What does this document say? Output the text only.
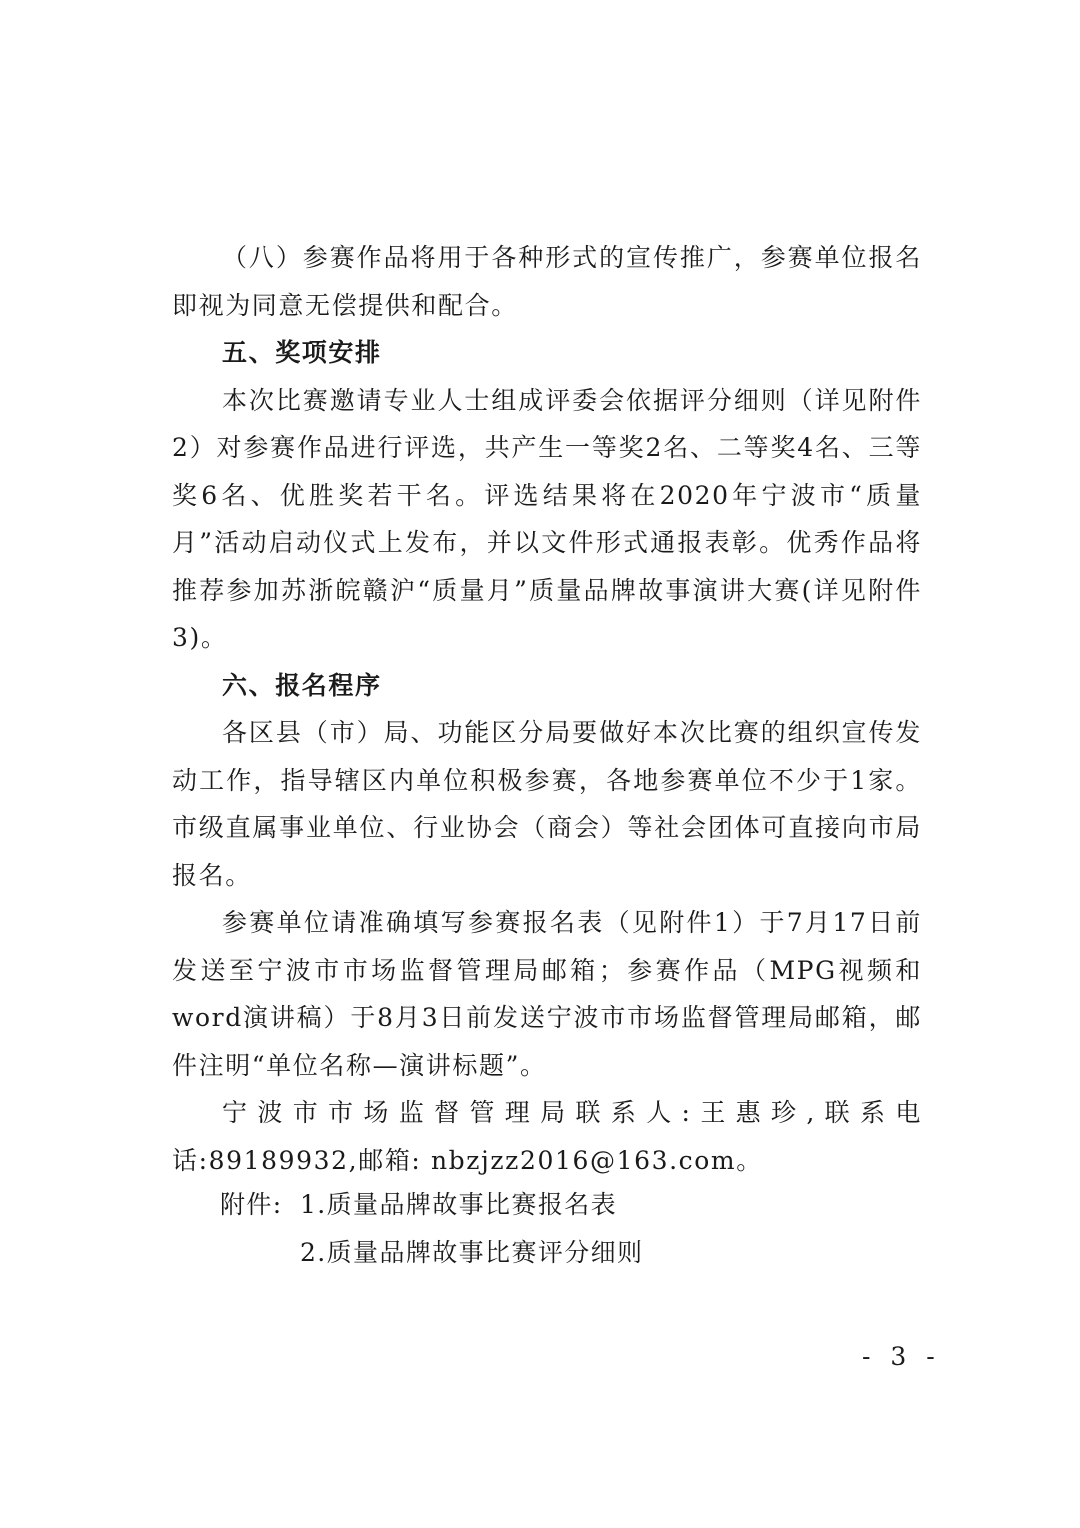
（八）参赛作品将用于各种形式的宣传推广，参赛单位报名即视为同意无偿提供和配合。

五、奖项安排

本次比赛邀请专业人士组成评委会依据评分细则（详见附件2）对参赛作品进行评选，共产生一等奖2名、二等奖4名、三等奖6名、优胜奖若干名。评选结果将在2020年宁波市“质量月”活动启动仪式上发布，并以文件形式通报表彰。优秀作品将推荐参加苏浙皖赣沪“质量月”质量品牌故事演讲大赛(详见附件3)。

六、报名程序

各区县（市）局、功能区分局要做好本次比赛的组织宣传发动工作，指导辖区内单位积极参赛，各地参赛单位不少于1家。市级直属事业单位、行业协会（商会）等社会团体可直接向市局报名。

参赛单位请准确填写参赛报名表（见附件1）于7月17日前发送至宁波市市场监督管理局邮箱；参赛作品（MPG视频和word演讲稿）于8月3日前发送宁波市市场监督管理局邮箱，邮件注明“单位名称—演讲标题”。

宁波市市场监督管理局联系人:王惠珍,联系电话:89189932,邮箱: nbzjzz2016@163.com。

附件: 1.质量品牌故事比赛报名表
2.质量品牌故事比赛评分细则
- 3 -
